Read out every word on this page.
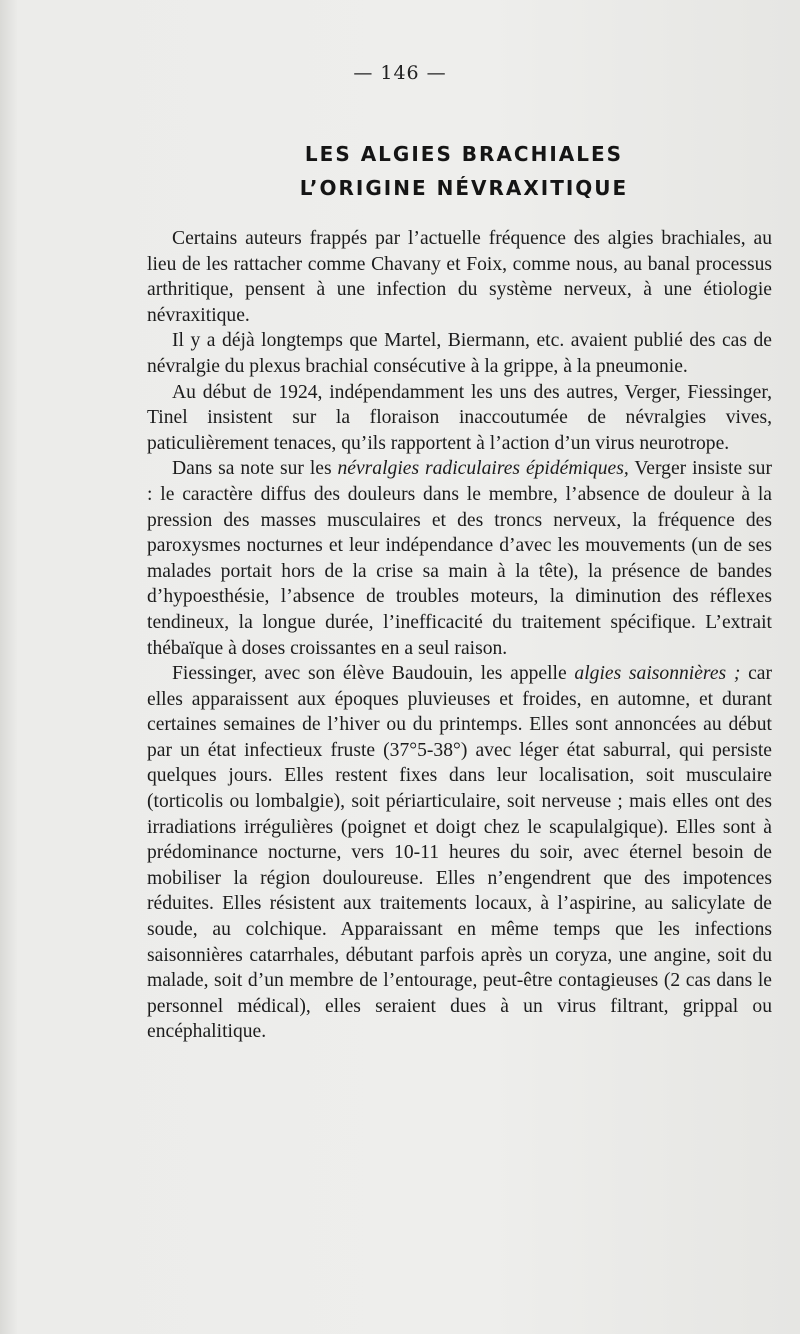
— 146 —
LES ALGIES BRACHIALES
L’ORIGINE NÉVRAXITIQUE

Certains auteurs frappés par l’actuelle fréquence des algies brachiales, au lieu de les rattacher comme Chavany et Foix, comme nous, au banal processus arthritique, pensent à une infection du système nerveux, à une étiologie névraxitique.

Il y a déjà longtemps que Martel, Biermann, etc. avaient publié des cas de névralgie du plexus brachial consécutive à la grippe, à la pneumonie.

Au début de 1924, indépendamment les uns des autres, Verger, Fiessinger, Tinel insistent sur la floraison inaccoutumée de névralgies vives, paticulièrement tenaces, qu’ils rapportent à l’action d’un virus neurotrope.

Dans sa note sur les névralgies radiculaires épidémiques, Verger insiste sur : le caractère diffus des douleurs dans le membre, l’absence de douleur à la pression des masses musculaires et des troncs nerveux, la fréquence des paroxysmes nocturnes et leur indépendance d’avec les mouvements (un de ses malades portait hors de la crise sa main à la tête), la présence de bandes d’hypoesthésie, l’absence de troubles moteurs, la diminution des réflexes tendineux, la longue durée, l’inefficacité du traitement spécifique. L’extrait thébaïque à doses croissantes en a seul raison.

Fiessinger, avec son élève Baudouin, les appelle algies saisonnières ; car elles apparaissent aux époques pluvieuses et froides, en automne, et durant certaines semaines de l’hiver ou du printemps. Elles sont annoncées au début par un état infectieux fruste (37°5-38°) avec léger état saburral, qui persiste quelques jours. Elles restent fixes dans leur localisation, soit musculaire (torticolis ou lombalgie), soit périarticulaire, soit nerveuse ; mais elles ont des irradiations irrégulières (poignet et doigt chez le scapulalgique). Elles sont à prédominance nocturne, vers 10-11 heures du soir, avec éternel besoin de mobiliser la région douloureuse. Elles n’engendrent que des impotences réduites. Elles résistent aux traitements locaux, à l’aspirine, au salicylate de soude, au colchique. Apparaissant en même temps que les infections saisonnières catarrhales, débutant parfois après un coryza, une angine, soit du malade, soit d’un membre de l’entourage, peut-être contagieuses (2 cas dans le personnel médical), elles seraient dues à un virus filtrant, grippal ou encéphalitique.
